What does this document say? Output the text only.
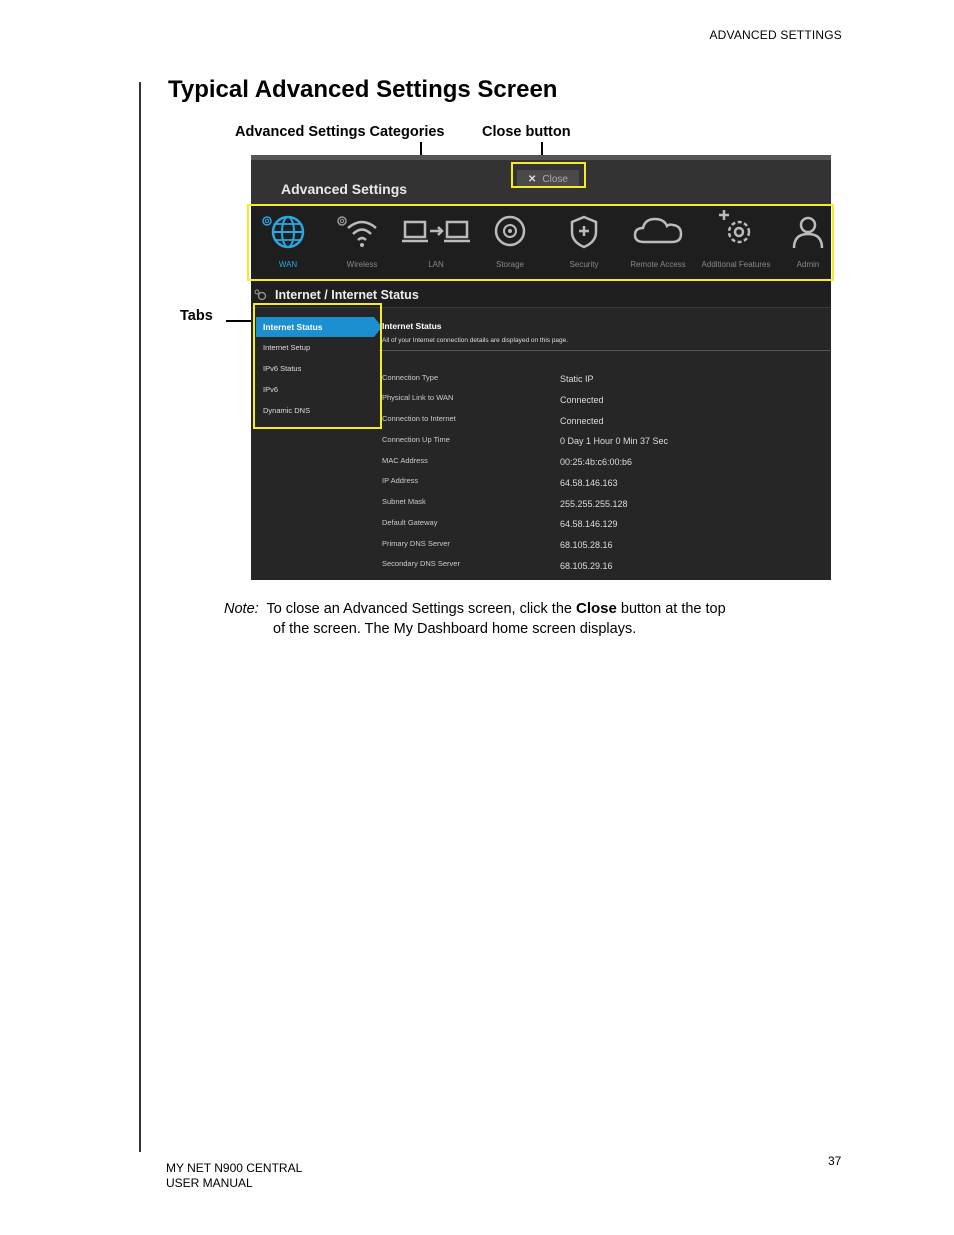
ADVANCED SETTINGS
Typical Advanced Settings Screen
Advanced Settings Categories	Close button
Tabs
Advanced Settings
✕ Close
WAN	Wireless	LAN	Storage	Security	Remote Access	Additional Features	Admin
Internet / Internet Status
Internet Status
Internet Setup
IPv6 Status
IPv6
Dynamic DNS
Internet Status
All of your Internet connection details are displayed on this page.
Connection Type	Static IP
Physical Link to WAN	Connected
Connection to Internet	Connected
Connection Up Time	0 Day 1 Hour 0 Min 37 Sec
MAC Address	00:25:4b:c6:00:b6
IP Address	64.58.146.163
Subnet Mask	255.255.255.128
Default Gateway	64.58.146.129
Primary DNS Server	68.105.28.16
Secondary DNS Server	68.105.29.16
Note: To close an Advanced Settings screen, click the Close button at the top
of the screen. The My Dashboard home screen displays.
MY NET N900 CENTRAL
USER MANUAL
37
